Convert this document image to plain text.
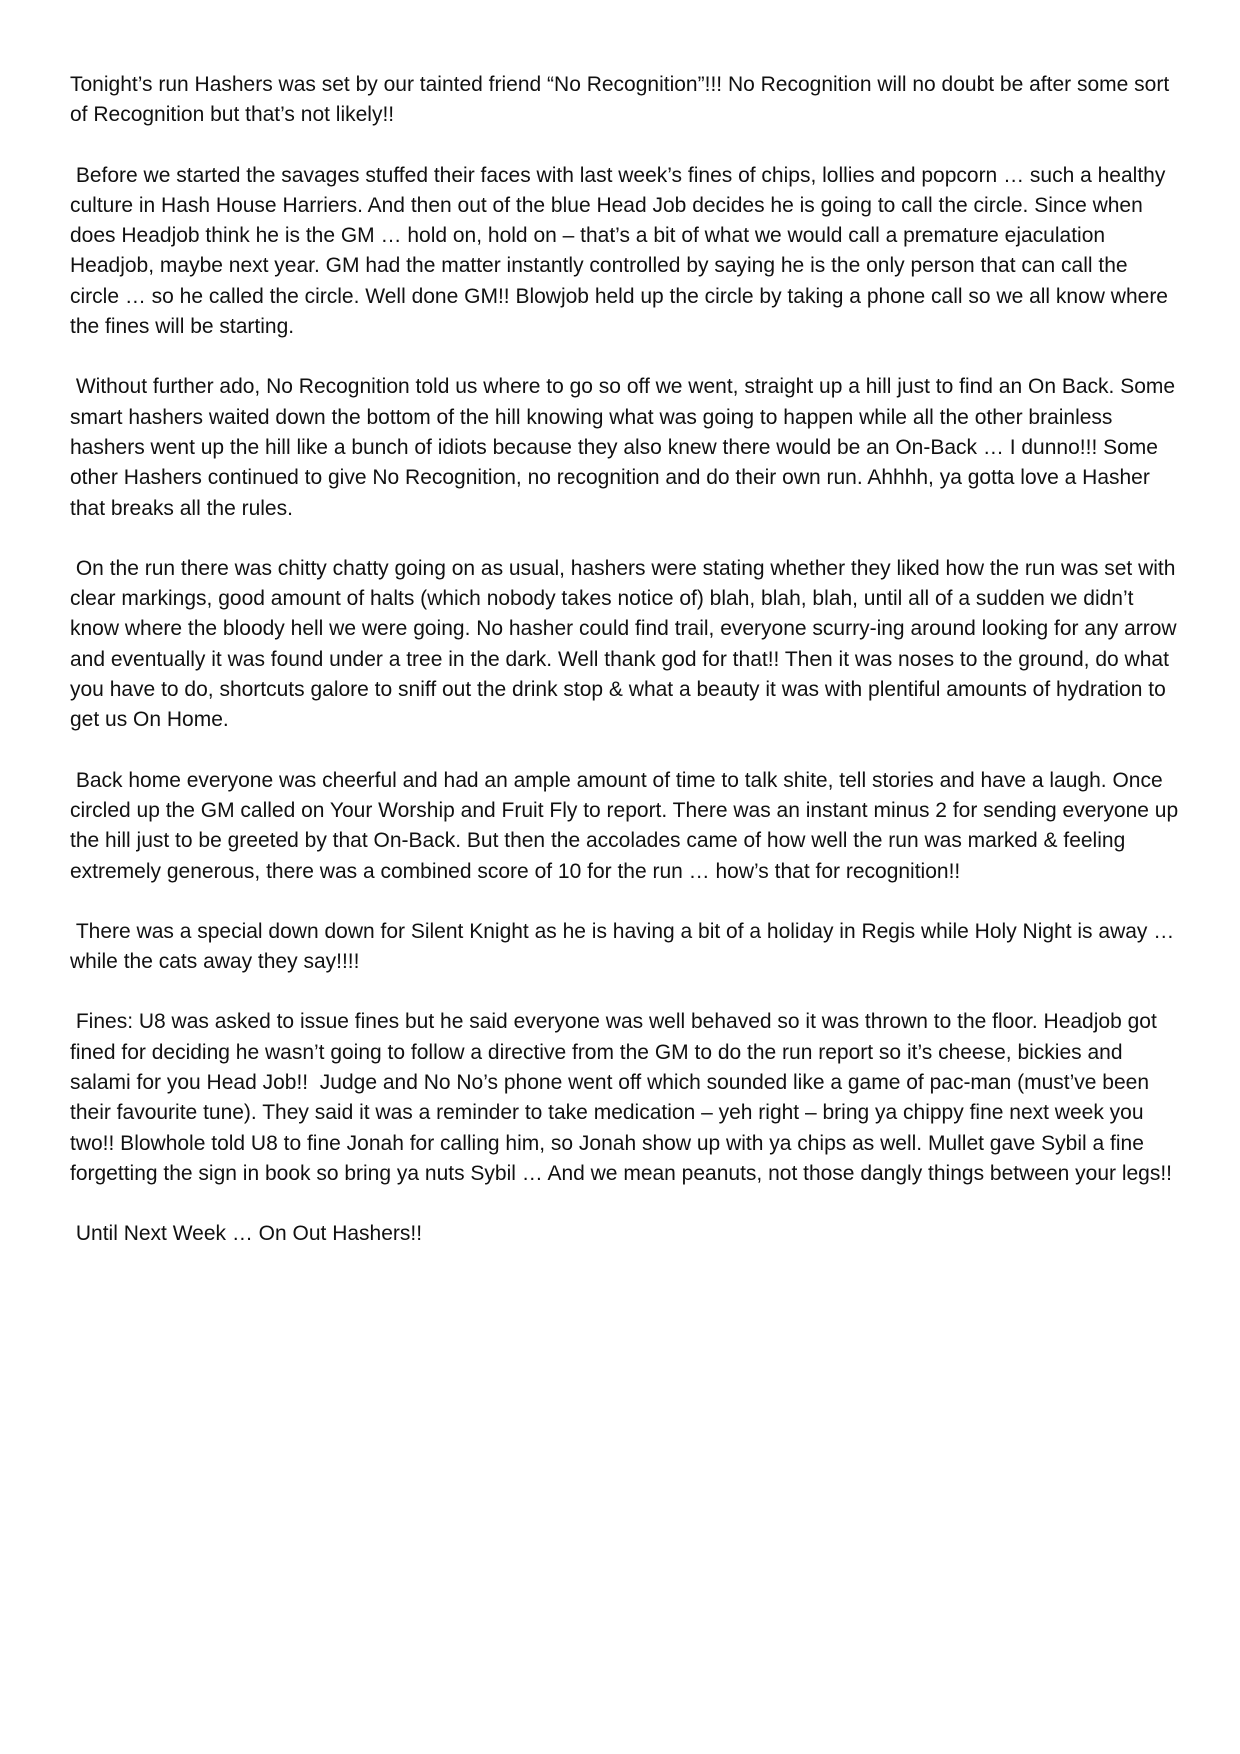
Tonight’s run Hashers was set by our tainted friend “No Recognition”!!! No Recognition will no doubt be after some sort of Recognition but that’s not likely!!

Before we started the savages stuffed their faces with last week’s fines of chips, lollies and popcorn … such a healthy culture in Hash House Harriers. And then out of the blue Head Job decides he is going to call the circle. Since when does Headjob think he is the GM … hold on, hold on – that’s a bit of what we would call a premature ejaculation Headjob, maybe next year. GM had the matter instantly controlled by saying he is the only person that can call the circle … so he called the circle. Well done GM!! Blowjob held up the circle by taking a phone call so we all know where the fines will be starting.

Without further ado, No Recognition told us where to go so off we went, straight up a hill just to find an On Back. Some smart hashers waited down the bottom of the hill knowing what was going to happen while all the other brainless hashers went up the hill like a bunch of idiots because they also knew there would be an On-Back … I dunno!!! Some other Hashers continued to give No Recognition, no recognition and do their own run. Ahhhh, ya gotta love a Hasher that breaks all the rules.

On the run there was chitty chatty going on as usual, hashers were stating whether they liked how the run was set with clear markings, good amount of halts (which nobody takes notice of) blah, blah, blah, until all of a sudden we didn’t know where the bloody hell we were going. No hasher could find trail, everyone scurry-ing around looking for any arrow and eventually it was found under a tree in the dark. Well thank god for that!! Then it was noses to the ground, do what you have to do, shortcuts galore to sniff out the drink stop & what a beauty it was with plentiful amounts of hydration to get us On Home.

Back home everyone was cheerful and had an ample amount of time to talk shite, tell stories and have a laugh. Once circled up the GM called on Your Worship and Fruit Fly to report. There was an instant minus 2 for sending everyone up the hill just to be greeted by that On-Back. But then the accolades came of how well the run was marked & feeling extremely generous, there was a combined score of 10 for the run … how’s that for recognition!!

There was a special down down for Silent Knight as he is having a bit of a holiday in Regis while Holy Night is away … while the cats away they say!!!!

Fines: U8 was asked to issue fines but he said everyone was well behaved so it was thrown to the floor. Headjob got fined for deciding he wasn’t going to follow a directive from the GM to do the run report so it’s cheese, bickies and salami for you Head Job!!  Judge and No No’s phone went off which sounded like a game of pac-man (must’ve been their favourite tune). They said it was a reminder to take medication – yeh right – bring ya chippy fine next week you two!! Blowhole told U8 to fine Jonah for calling him, so Jonah show up with ya chips as well. Mullet gave Sybil a fine forgetting the sign in book so bring ya nuts Sybil … And we mean peanuts, not those dangly things between your legs!!

Until Next Week … On Out Hashers!!
